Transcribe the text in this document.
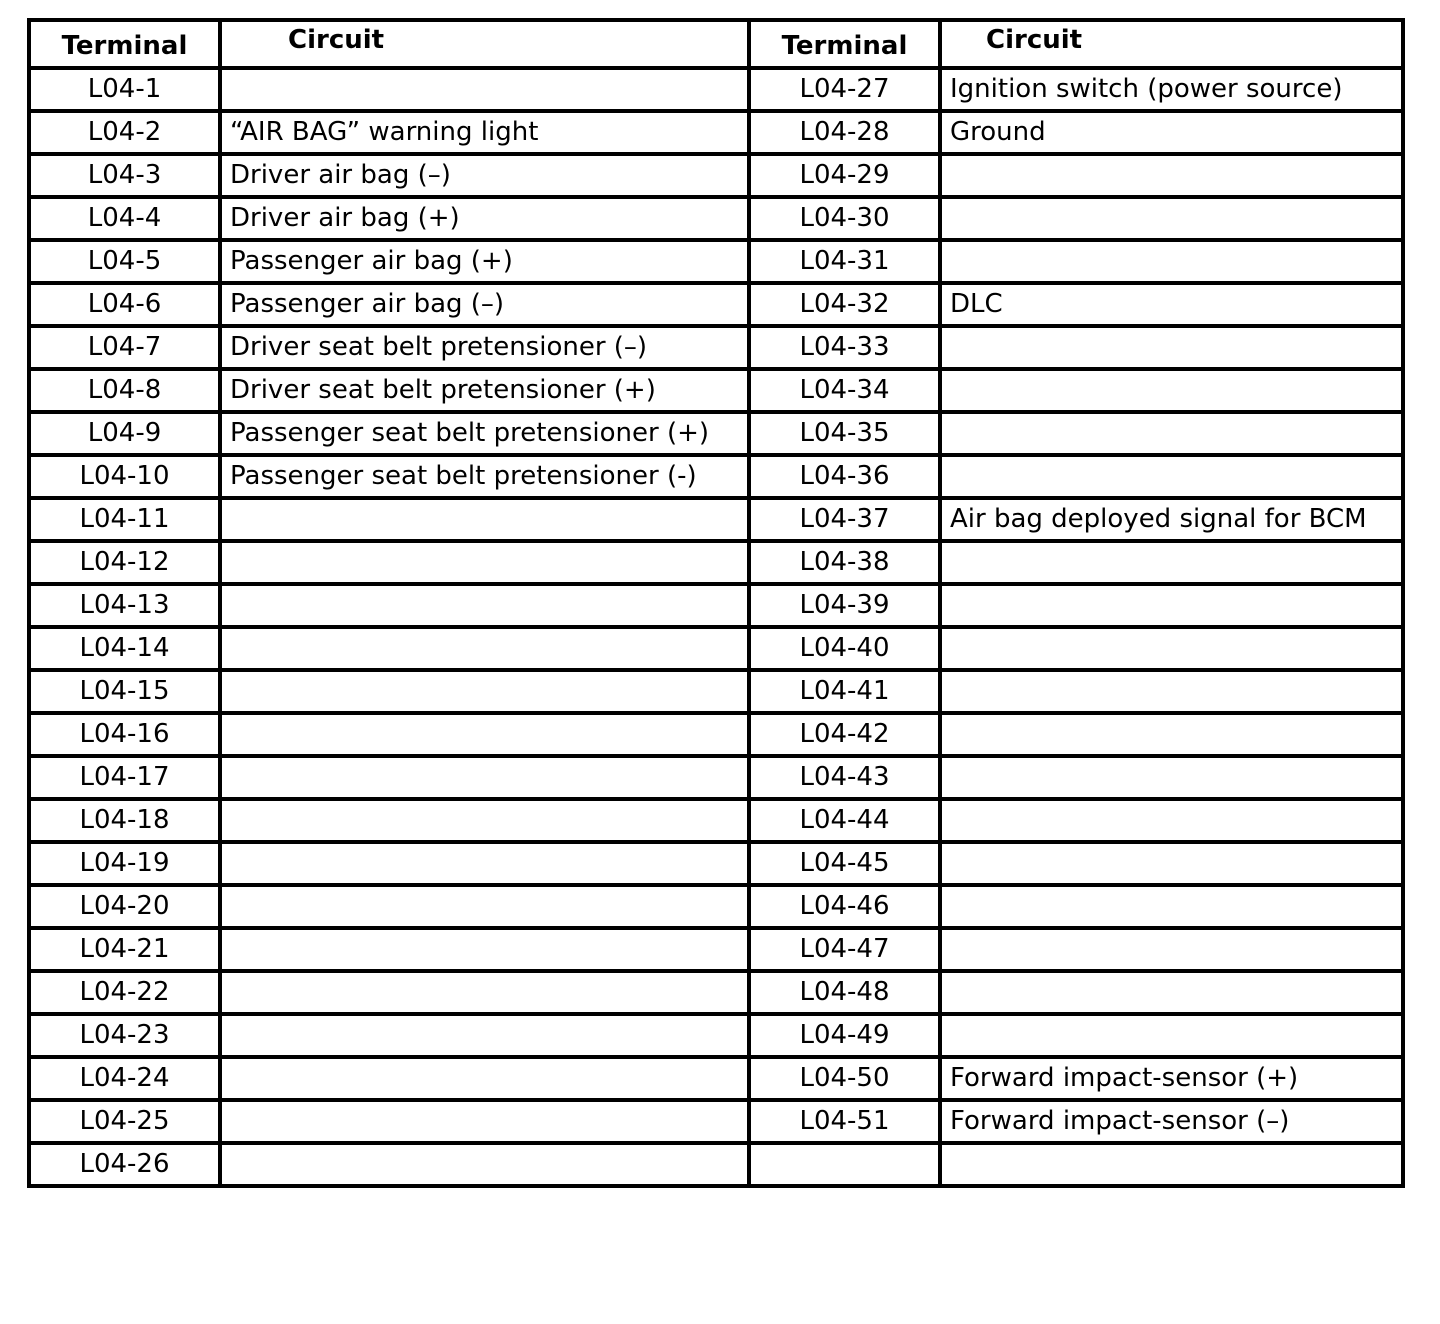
Terminal	Circuit	Terminal	Circuit
L04-1		L04-27	Ignition switch (power source)
L04-2	“AIR BAG” warning light	L04-28	Ground
L04-3	Driver air bag (–)	L04-29	
L04-4	Driver air bag (+)	L04-30	
L04-5	Passenger air bag (+)	L04-31	
L04-6	Passenger air bag (–)	L04-32	DLC
L04-7	Driver seat belt pretensioner (–)	L04-33	
L04-8	Driver seat belt pretensioner (+)	L04-34	
L04-9	Passenger seat belt pretensioner (+)	L04-35	
L04-10	Passenger seat belt pretensioner (-)	L04-36	
L04-11		L04-37	Air bag deployed signal for BCM
L04-12		L04-38	
L04-13		L04-39	
L04-14		L04-40	
L04-15		L04-41	
L04-16		L04-42	
L04-17		L04-43	
L04-18		L04-44	
L04-19		L04-45	
L04-20		L04-46	
L04-21		L04-47	
L04-22		L04-48	
L04-23		L04-49	
L04-24		L04-50	Forward impact-sensor (+)
L04-25		L04-51	Forward impact-sensor (–)
L04-26			
